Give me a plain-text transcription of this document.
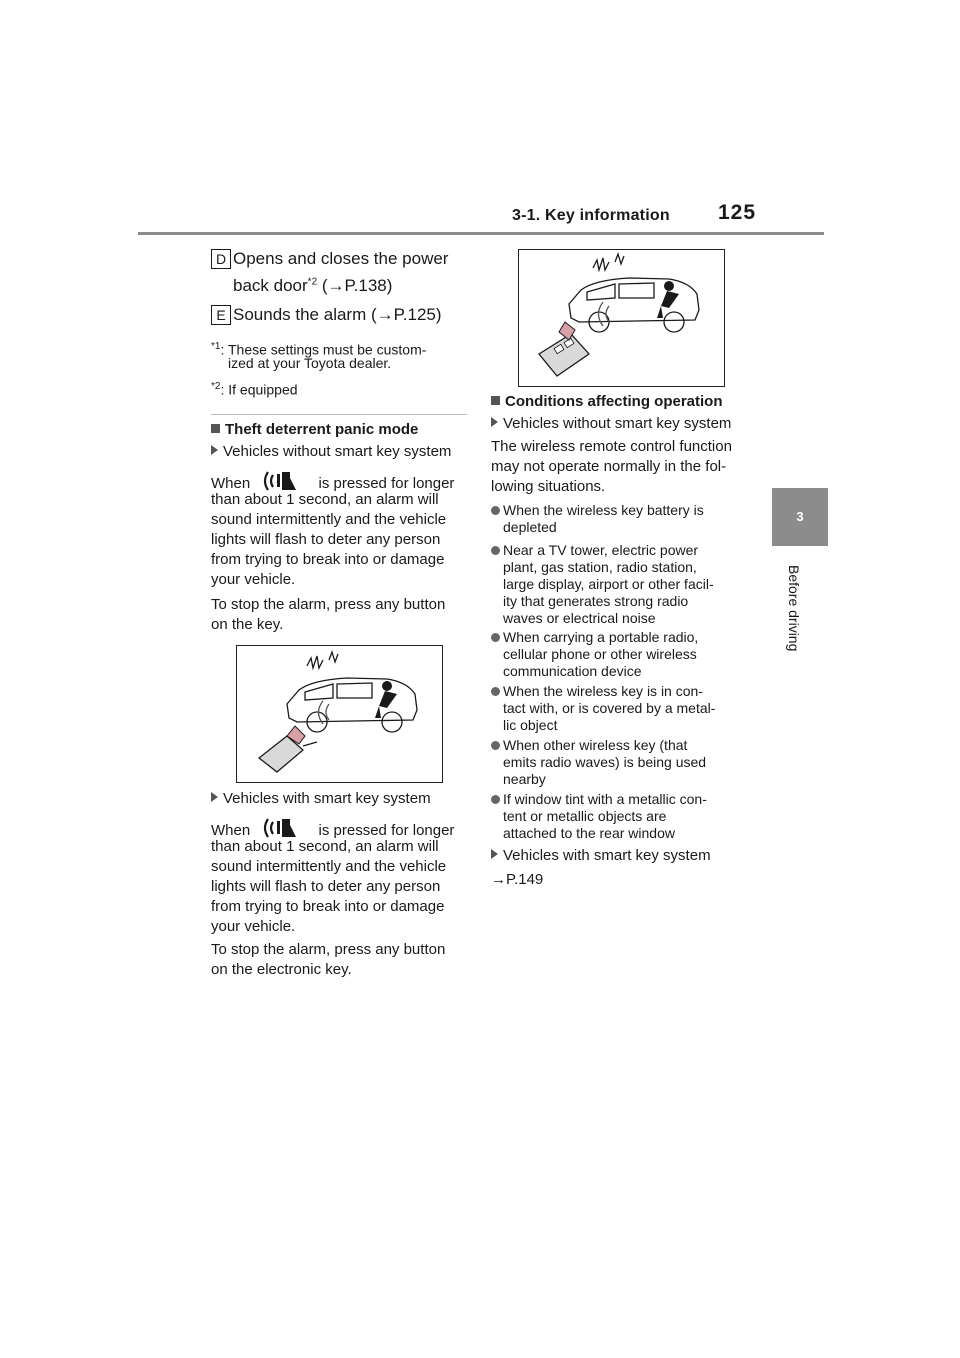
3-1. Key information 125
3
Before driving
D Opens and closes the power
back door$^{*2}$ (→P.138)
E Sounds the alarm (→P.125)
$^{*1}$: These settings must be custom-
ized at your Toyota dealer.
$^{*2}$: If equipped
Theft deterrent panic mode
Vehicles without smart key system
When	is pressed for longer
than about 1 second, an alarm will
sound intermittently and the vehicle
lights will flash to deter any person
from trying to break into or damage
your vehicle.
To stop the alarm, press any button
on the key.
Vehicles with smart key system
When	is pressed for longer
than about 1 second, an alarm will
sound intermittently and the vehicle
lights will flash to deter any person
from trying to break into or damage
your vehicle.
To stop the alarm, press any button
on the electronic key.
Conditions affecting operation
Vehicles without smart key system
The wireless remote control function
may not operate normally in the fol-
lowing situations.
When the wireless key battery is
depleted
Near a TV tower, electric power
plant, gas station, radio station,
large display, airport or other facil-
ity that generates strong radio
waves or electrical noise
When carrying a portable radio,
cellular phone or other wireless
communication device
When the wireless key is in con-
tact with, or is covered by a metal-
lic object
When other wireless key (that
emits radio waves) is being used
nearby
If window tint with a metallic con-
tent or metallic objects are
attached to the rear window
Vehicles with smart key system
→P.149
